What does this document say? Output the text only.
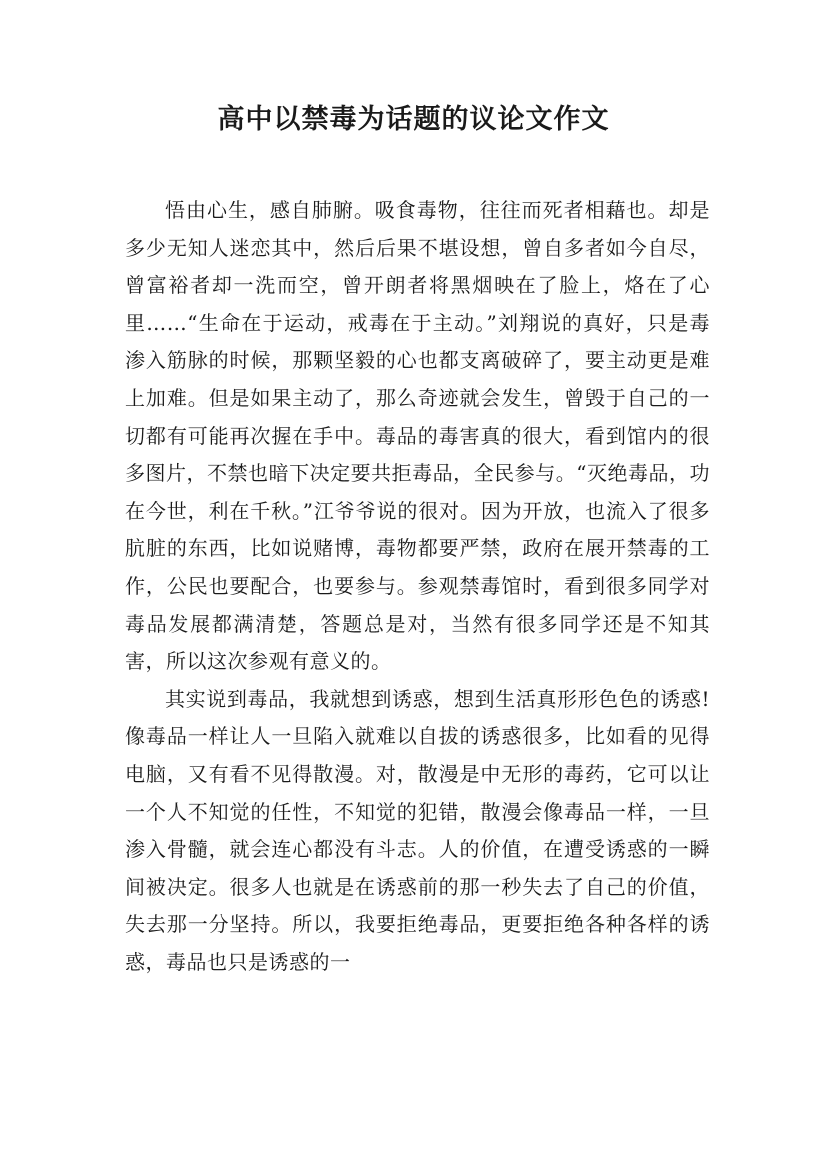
高中以禁毒为话题的议论文作文

悟由心生，感自肺腑。吸食毒物，往往而死者相藉也。却是多少无知人迷恋其中，然后后果不堪设想，曾自多者如今自尽，曾富裕者却一洗而空，曾开朗者将黑烟映在了脸上，烙在了心里……“生命在于运动，戒毒在于主动。”刘翔说的真好，只是毒渗入筋脉的时候，那颗坚毅的心也都支离破碎了，要主动更是难上加难。但是如果主动了，那么奇迹就会发生，曾毁于自己的一切都有可能再次握在手中。毒品的毒害真的很大，看到馆内的很多图片，不禁也暗下决定要共拒毒品，全民参与。“灭绝毒品，功在今世，利在千秋。”江爷爷说的很对。因为开放，也流入了很多肮脏的东西，比如说赌博，毒物都要严禁，政府在展开禁毒的工作，公民也要配合，也要参与。参观禁毒馆时，看到很多同学对毒品发展都满清楚，答题总是对，当然有很多同学还是不知其害，所以这次参观有意义的。

其实说到毒品，我就想到诱惑，想到生活真形形色色的诱惑!像毒品一样让人一旦陷入就难以自拔的诱惑很多，比如看的见得电脑，又有看不见得散漫。对，散漫是中无形的毒药，它可以让一个人不知觉的任性，不知觉的犯错，散漫会像毒品一样，一旦渗入骨髓，就会连心都没有斗志。人的价值，在遭受诱惑的一瞬间被决定。很多人也就是在诱惑前的那一秒失去了自己的价值，失去那一分坚持。所以，我要拒绝毒品，更要拒绝各种各样的诱惑，毒品也只是诱惑的一
